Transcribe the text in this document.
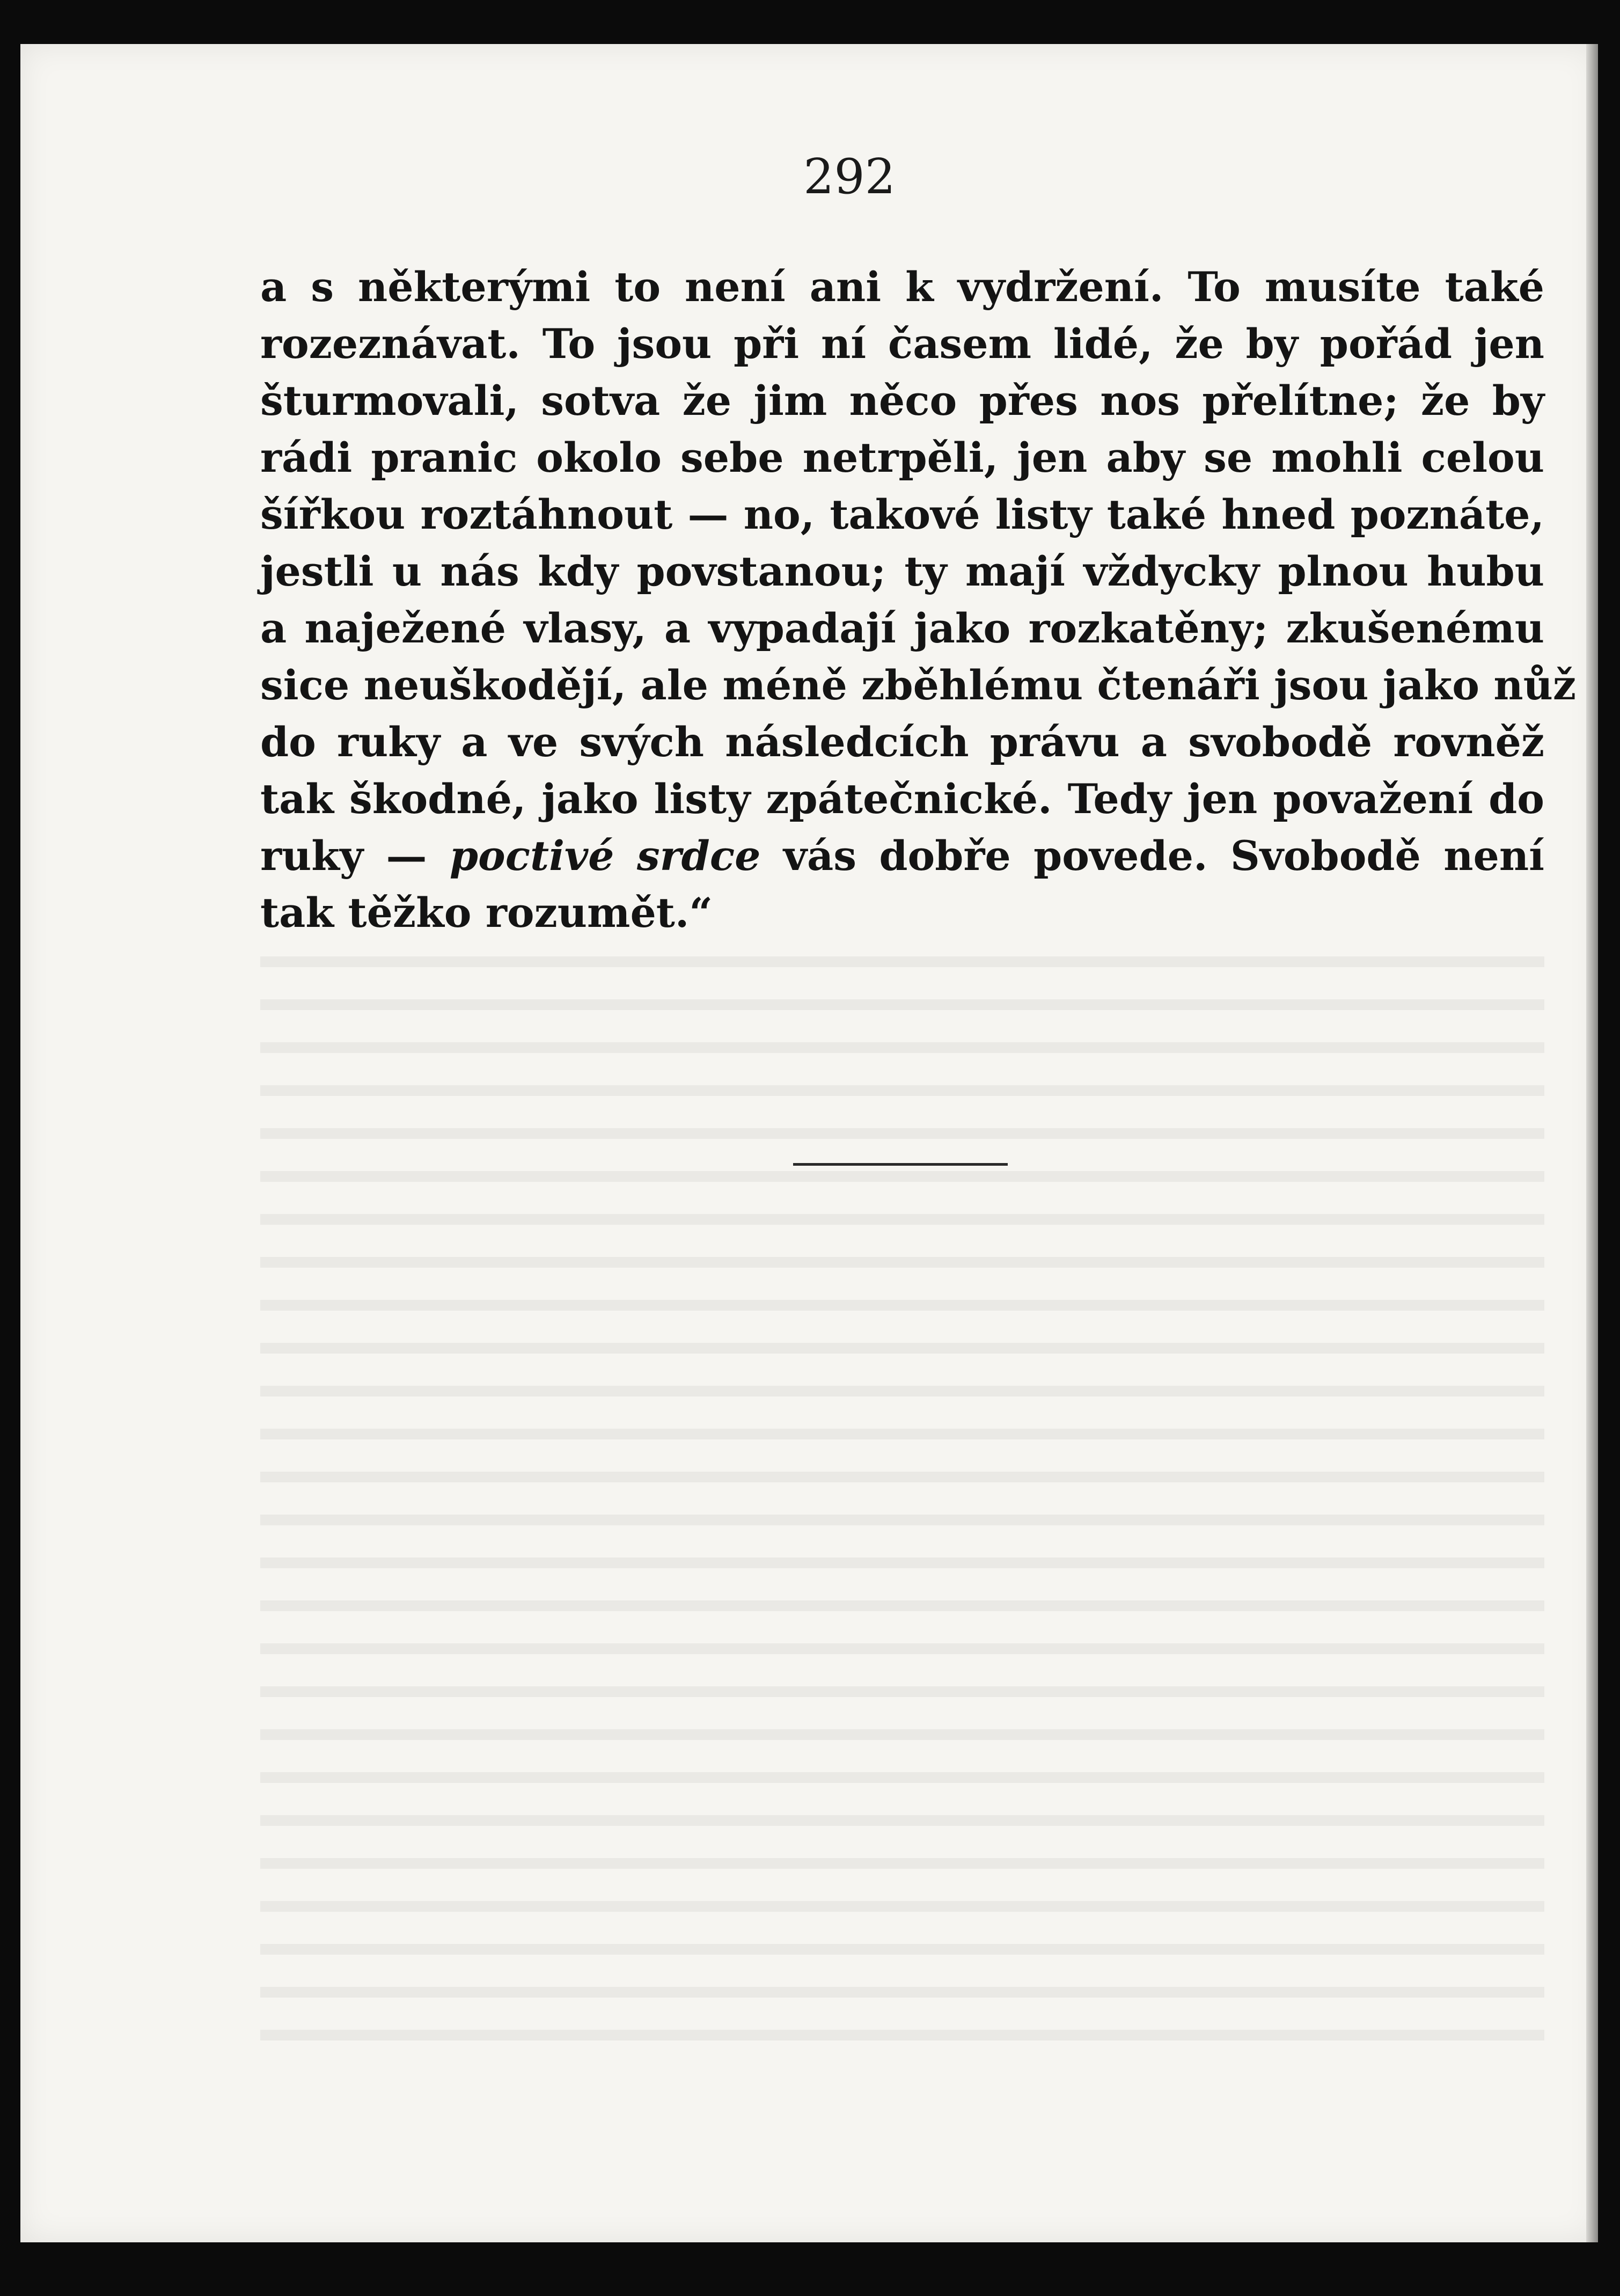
292
a s některými to není ani k vydržení. To musíte také
rozeznávat. To jsou při ní časem lidé, že by pořád jen
šturmovali, sotva že jim něco přes nos přelítne; že by
rádi pranic okolo sebe netrpěli, jen aby se mohli celou
šířkou roztáhnout — no, takové listy také hned poznáte,
jestli u nás kdy povstanou; ty mají vždycky plnou hubu
a naježené vlasy, a vypadají jako rozkatěny; zkušenému
sice neuškodějí, ale méně zběhlému čtenáři jsou jako nůž
do ruky a ve svých následcích právu a svobodě rovněž
tak škodné, jako listy zpátečnické. Tedy jen považení do
ruky — poctivé srdce vás dobře povede. Svobodě není
tak těžko rozumět.“
